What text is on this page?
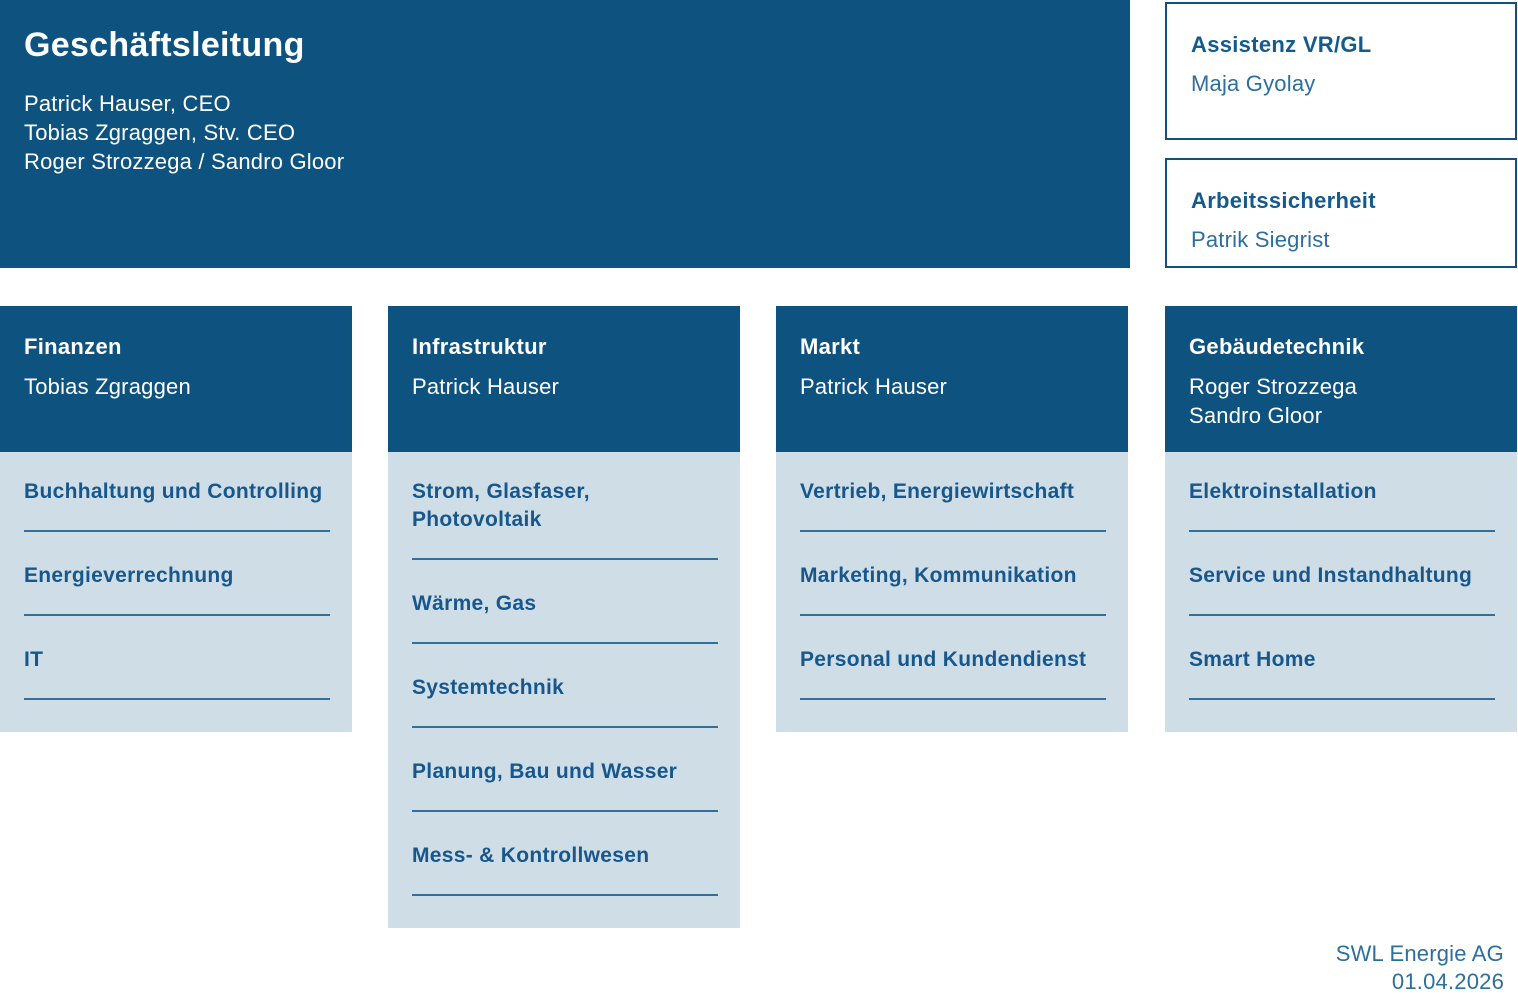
Geschäftsleitung
Patrick Hauser, CEO
Tobias Zgraggen, Stv. CEO
Roger Strozzega / Sandro Gloor
Assistenz VR/GL
Maja Gyolay
Arbeitssicherheit
Patrik Siegrist
Finanzen
Tobias Zgraggen
Buchhaltung und Controlling
Energieverrechnung
IT
Infrastruktur
Patrick Hauser
Strom, Glasfaser, Photovoltaik
Wärme, Gas
Systemtechnik
Planung, Bau und Wasser
Mess- & Kontrollwesen
Markt
Patrick Hauser
Vertrieb, Energiewirtschaft
Marketing, Kommunikation
Personal und Kundendienst
Gebäudetechnik
Roger Strozzega
Sandro Gloor
Elektroinstallation
Service und Instandhaltung
Smart Home
SWL Energie AG
01.04.2026
